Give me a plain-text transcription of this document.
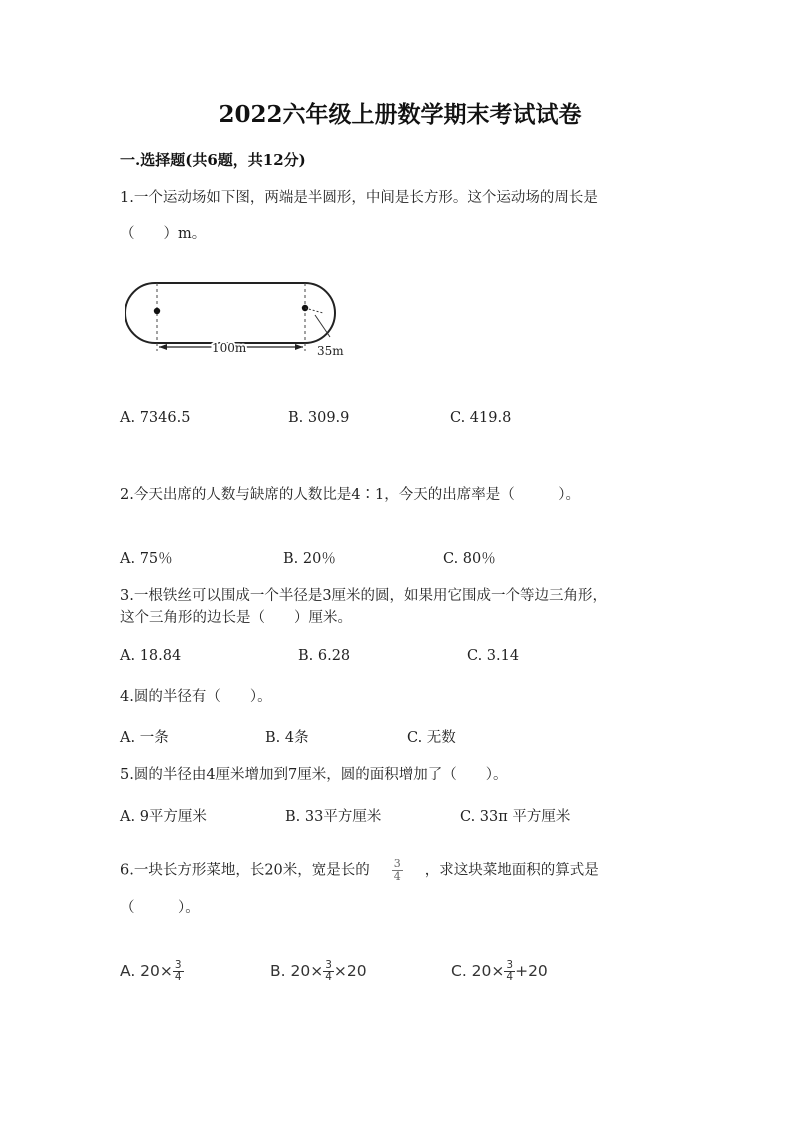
2022六年级上册数学期末考试试卷
一.选择题(共6题，共12分)
1.一个运动场如下图，两端是半圆形，中间是长方形。这个运动场的周长是
（　　）m。
100m	35m
A. 7346.5	B. 309.9	C. 419.8
2.今天出席的人数与缺席的人数比是4∶1，今天的出席率是（　　　）。
A. 75％	B. 20％	C. 80％
3.一根铁丝可以围成一个半径是3厘米的圆，如果用它围成一个等边三角形，
这个三角形的边长是（　　）厘米。
A. 18.84	B. 6.28	C. 3.14
4.圆的半径有（　　）。
A. 一条	B. 4条	C. 无数
5.圆的半径由4厘米增加到7厘米，圆的面积增加了（　　）。
A. 9平方厘米	B. 33平方厘米	C. 33π 平方厘米
6.一块长方形菜地，长20米，宽是长的 $\frac{3}{4}$ ，求这块菜地面积的算式是
（　　　）。
A. $20\times \frac{3}{4}$	B. $20\times \frac{3}{4} \times 20$	C. $20\times \frac{3}{4} +20$
